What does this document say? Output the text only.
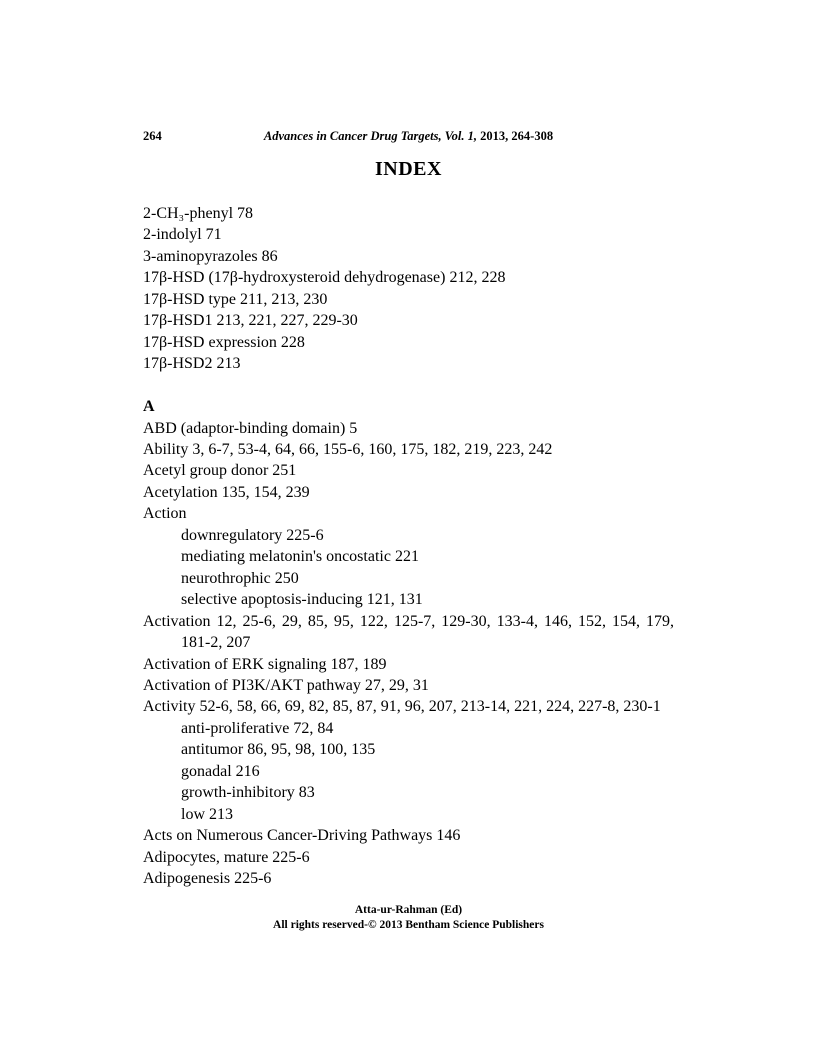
264	Advances in Cancer Drug Targets, Vol. 1, 2013, 264-308
INDEX
2-CH₃-phenyl 78
2-indolyl 71
3-aminopyrazoles 86
17β-HSD (17β-hydroxysteroid dehydrogenase) 212, 228
17β-HSD type 211, 213, 230
17β-HSD1 213, 221, 227, 229-30
17β-HSD expression 228
17β-HSD2 213
A
ABD (adaptor-binding domain) 5
Ability 3, 6-7, 53-4, 64, 66, 155-6, 160, 175, 182, 219, 223, 242
Acetyl group donor 251
Acetylation 135, 154, 239
Action
downregulatory 225-6
mediating melatonin's oncostatic 221
neurothrophic 250
selective apoptosis-inducing 121, 131
Activation 12, 25-6, 29, 85, 95, 122, 125-7, 129-30, 133-4, 146, 152, 154, 179, 181-2, 207
Activation of ERK signaling 187, 189
Activation of PI3K/AKT pathway 27, 29, 31
Activity 52-6, 58, 66, 69, 82, 85, 87, 91, 96, 207, 213-14, 221, 224, 227-8, 230-1
anti-proliferative 72, 84
antitumor 86, 95, 98, 100, 135
gonadal 216
growth-inhibitory 83
low 213
Acts on Numerous Cancer-Driving Pathways 146
Adipocytes, mature 225-6
Adipogenesis 225-6
Atta-ur-Rahman (Ed)
All rights reserved-© 2013 Bentham Science Publishers
